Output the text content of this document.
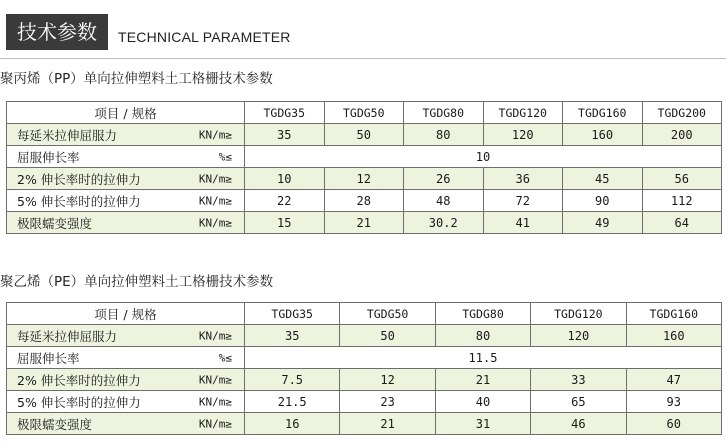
技术参数	TECHNICAL PARAMETER
聚丙烯（PP）单向拉伸塑料土工格栅技术参数
项目 / 规格	TGDG35	TGDG50	TGDG80	TGDG120	TGDG160	TGDG200
每延米拉伸屈服力 KN/m≥	35	50	80	120	160	200
屈服伸长率 %≤	10					
2% 伸长率时的拉伸力 KN/m≥	10	12	26	36	45	56
5% 伸长率时的拉伸力 KN/m≥	22	28	48	72	90	112
极限蠕变强度 KN/m≥	15	21	30.2	41	49	64
聚乙烯（PE）单向拉伸塑料土工格栅技术参数
项目 / 规格	TGDG35	TGDG50	TGDG80	TGDG120	TGDG160
每延米拉伸屈服力 KN/m≥	35	50	80	120	160
屈服伸长率 %≤	11.5				
2% 伸长率时的拉伸力 KN/m≥	7.5	12	21	33	47
5% 伸长率时的拉伸力 KN/m≥	21.5	23	40	65	93
极限蠕变强度 KN/m≥	16	21	31	46	60
